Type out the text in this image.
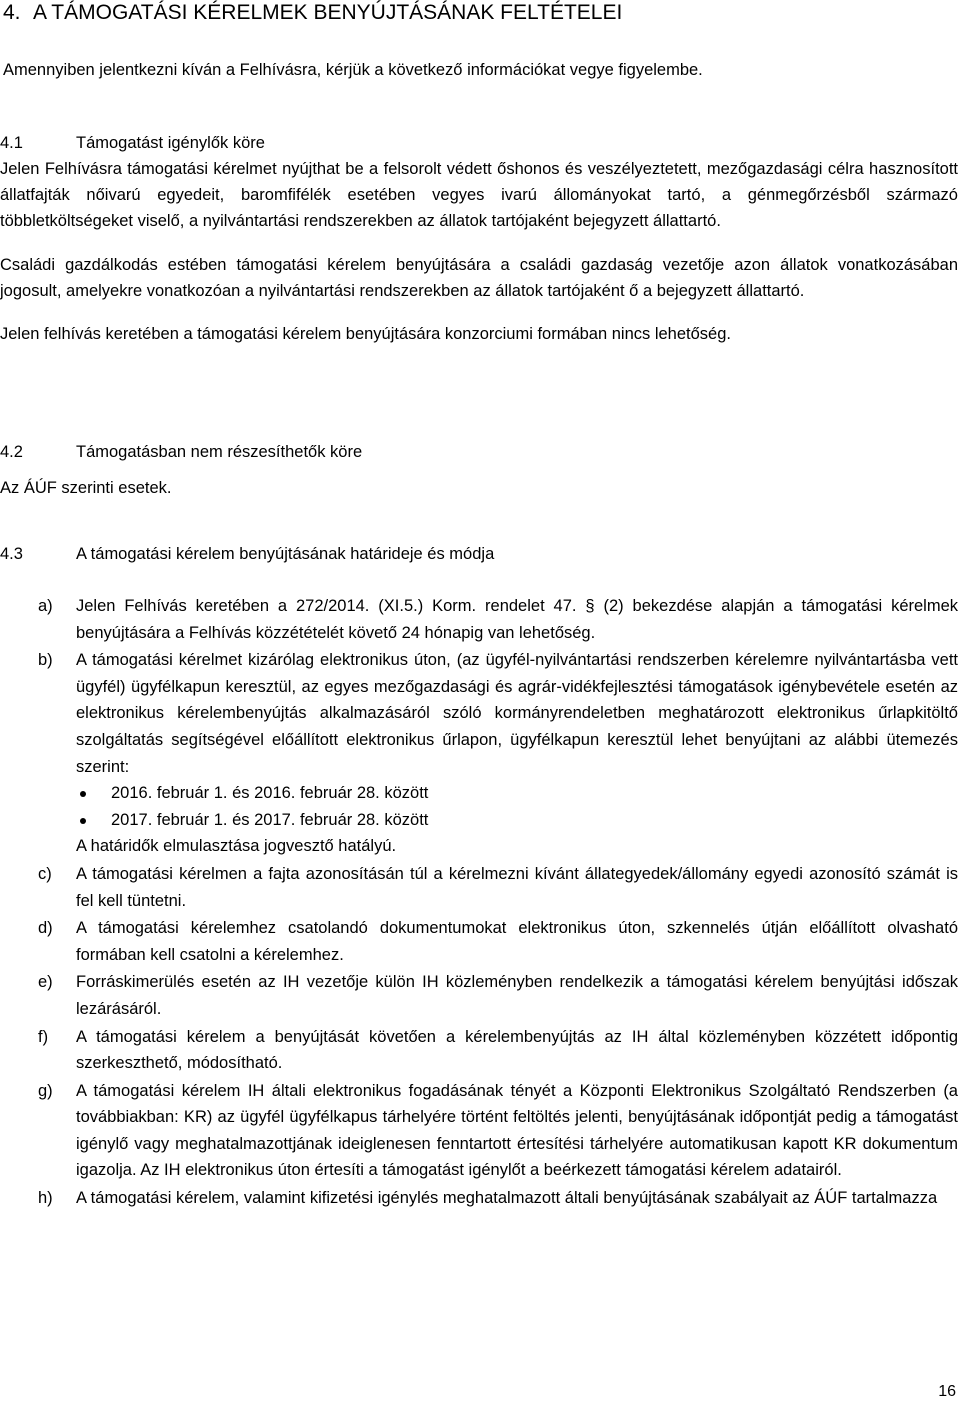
4. A TÁMOGATÁSI KÉRELMEK BENYÚJTÁSÁNAK FELTÉTELEI

Amennyiben jelentkezni kíván a Felhívásra, kérjük a következő információkat vegye figyelembe.

4.1	Támogatást igénylők köre

Jelen Felhívásra támogatási kérelmet nyújthat be a felsorolt védett őshonos és veszélyeztetett, mezőgazdasági célra hasznosított állatfajták nőivarú egyedeit, baromfifélék esetében vegyes ivarú állományokat tartó, a génmegőrzésből származó többletköltségeket viselő, a nyilvántartási rendszerekben az állatok tartójaként bejegyzett állattartó.

Családi gazdálkodás estében támogatási kérelem benyújtására a családi gazdaság vezetője azon állatok vonatkozásában jogosult, amelyekre vonatkozóan a nyilvántartási rendszerekben az állatok tartójaként ő a bejegyzett állattartó.

Jelen felhívás keretében a támogatási kérelem benyújtására konzorciumi formában nincs lehetőség.

4.2	Támogatásban nem részesíthetők köre
Az ÁÚF szerinti esetek.
4.3	A támogatási kérelem benyújtásának határideje és módja
a)	Jelen Felhívás keretében a 272/2014. (XI.5.) Korm. rendelet 47. § (2) bekezdése alapján a támogatási kérelmek benyújtására a Felhívás közzétételét követő 24 hónapig van lehetőség.
b)	A támogatási kérelmet kizárólag elektronikus úton, (az ügyfél-nyilvántartási rendszerben kérelemre nyilvántartásba vett ügyfél) ügyfélkapun keresztül, az egyes mezőgazdasági és agrár-vidékfejlesztési támogatások igénybevétele esetén az elektronikus kérelembenyújtás alkalmazásáról szóló kormányrendeletben meghatározott elektronikus űrlapkitöltő szolgáltatás segítségével előállított elektronikus űrlapon, ügyfélkapun keresztül lehet benyújtani az alábbi ütemezés szerint:
2016. február 1. és 2016. február 28. között
2017. február 1. és 2017. február 28. között
A határidők elmulasztása jogvesztő hatályú.
c)	A támogatási kérelmen a fajta azonosításán túl a kérelmezni kívánt állategyedek/állomány egyedi azonosító számát is fel kell tüntetni.
d)	A támogatási kérelemhez csatolandó dokumentumokat elektronikus úton, szkennelés útján előállított olvasható formában kell csatolni a kérelemhez.
e)	Forráskimerülés esetén az IH vezetője külön IH közleményben rendelkezik a támogatási kérelem benyújtási időszak lezárásáról.
f)	A támogatási kérelem a benyújtását követően a kérelembenyújtás az IH által közleményben közzétett időpontig szerkeszthető, módosítható.
g)	A támogatási kérelem IH általi elektronikus fogadásának tényét a Központi Elektronikus Szolgáltató Rendszerben (a továbbiakban: KR) az ügyfél ügyfélkapus tárhelyére történt feltöltés jelenti, benyújtásának időpontját pedig a támogatást igénylő vagy meghatalmazottjának ideiglenesen fenntartott értesítési tárhelyére automatikusan kapott KR dokumentum igazolja. Az IH elektronikus úton értesíti a támogatást igénylőt a beérkezett támogatási kérelem adatairól.
h)	A támogatási kérelem, valamint kifizetési igénylés meghatalmazott általi benyújtásának szabályait az ÁÚF tartalmazza
16
